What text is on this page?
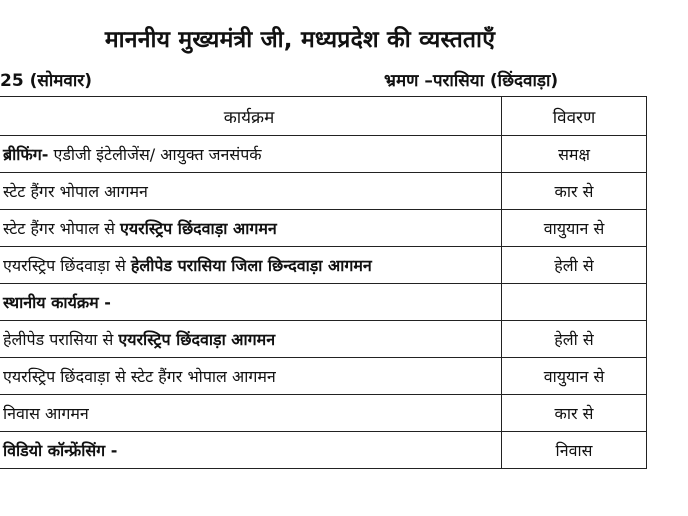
माननीय मुख्यमंत्री जी, मध्यप्रदेश की व्यस्तताएँ
25 (सोमवार)	भ्रमण –परासिया (छिंदवाड़ा)
	कार्यक्रम	विवरण
	ब्रीफिंग- एडीजी इंटेलीजेंस/ आयुक्त जनसंपर्क	समक्ष
	स्टेट हैंगर भोपाल आगमन	कार से
	स्टेट हैंगर भोपाल से एयरस्ट्रिप छिंदवाड़ा आगमन	वायुयान से
	एयरस्ट्रिप छिंदवाड़ा से हेलीपेड परासिया जिला छिन्दवाड़ा आगमन	हेली से
	स्थानीय कार्यक्रम -	
	हेलीपेड परासिया से एयरस्ट्रिप छिंदवाड़ा आगमन	हेली से
	एयरस्ट्रिप छिंदवाड़ा से स्टेट हैंगर भोपाल आगमन	वायुयान से
	निवास आगमन	कार से
	विडियो कॉन्फ्रेंसिंग -	निवास
